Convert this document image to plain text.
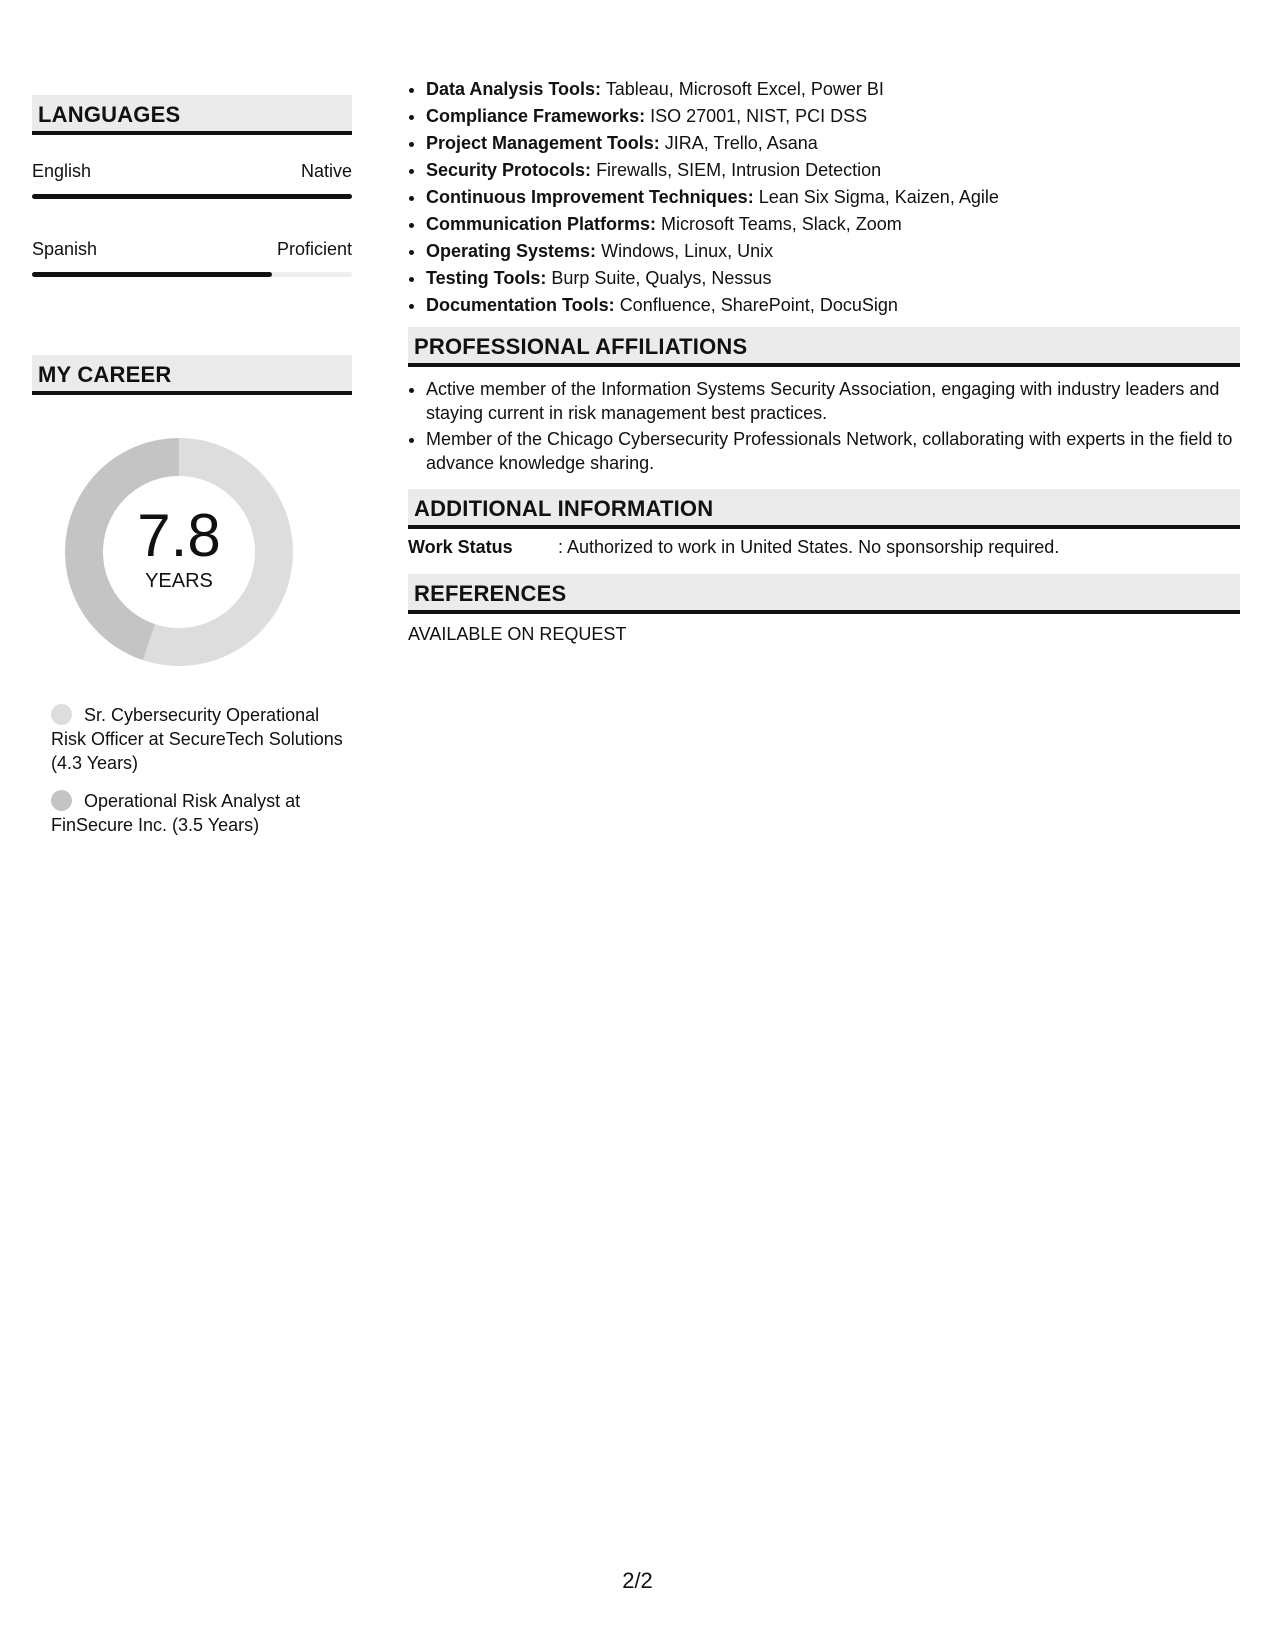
LANGUAGES
English	Native
Spanish	Proficient
MY CAREER
7.8
YEARS
Sr. Cybersecurity Operational Risk Officer at SecureTech Solutions (4.3 Years)
Operational Risk Analyst at FinSecure Inc. (3.5 Years)
• Data Analysis Tools: Tableau, Microsoft Excel, Power BI
• Compliance Frameworks: ISO 27001, NIST, PCI DSS
• Project Management Tools: JIRA, Trello, Asana
• Security Protocols: Firewalls, SIEM, Intrusion Detection
• Continuous Improvement Techniques: Lean Six Sigma, Kaizen, Agile
• Communication Platforms: Microsoft Teams, Slack, Zoom
• Operating Systems: Windows, Linux, Unix
• Testing Tools: Burp Suite, Qualys, Nessus
• Documentation Tools: Confluence, SharePoint, DocuSign
PROFESSIONAL AFFILIATIONS
• Active member of the Information Systems Security Association, engaging with industry leaders and staying current in risk management best practices.
• Member of the Chicago Cybersecurity Professionals Network, collaborating with experts in the field to advance knowledge sharing.
ADDITIONAL INFORMATION
Work Status	: Authorized to work in United States. No sponsorship required.
REFERENCES
AVAILABLE ON REQUEST
2/2
